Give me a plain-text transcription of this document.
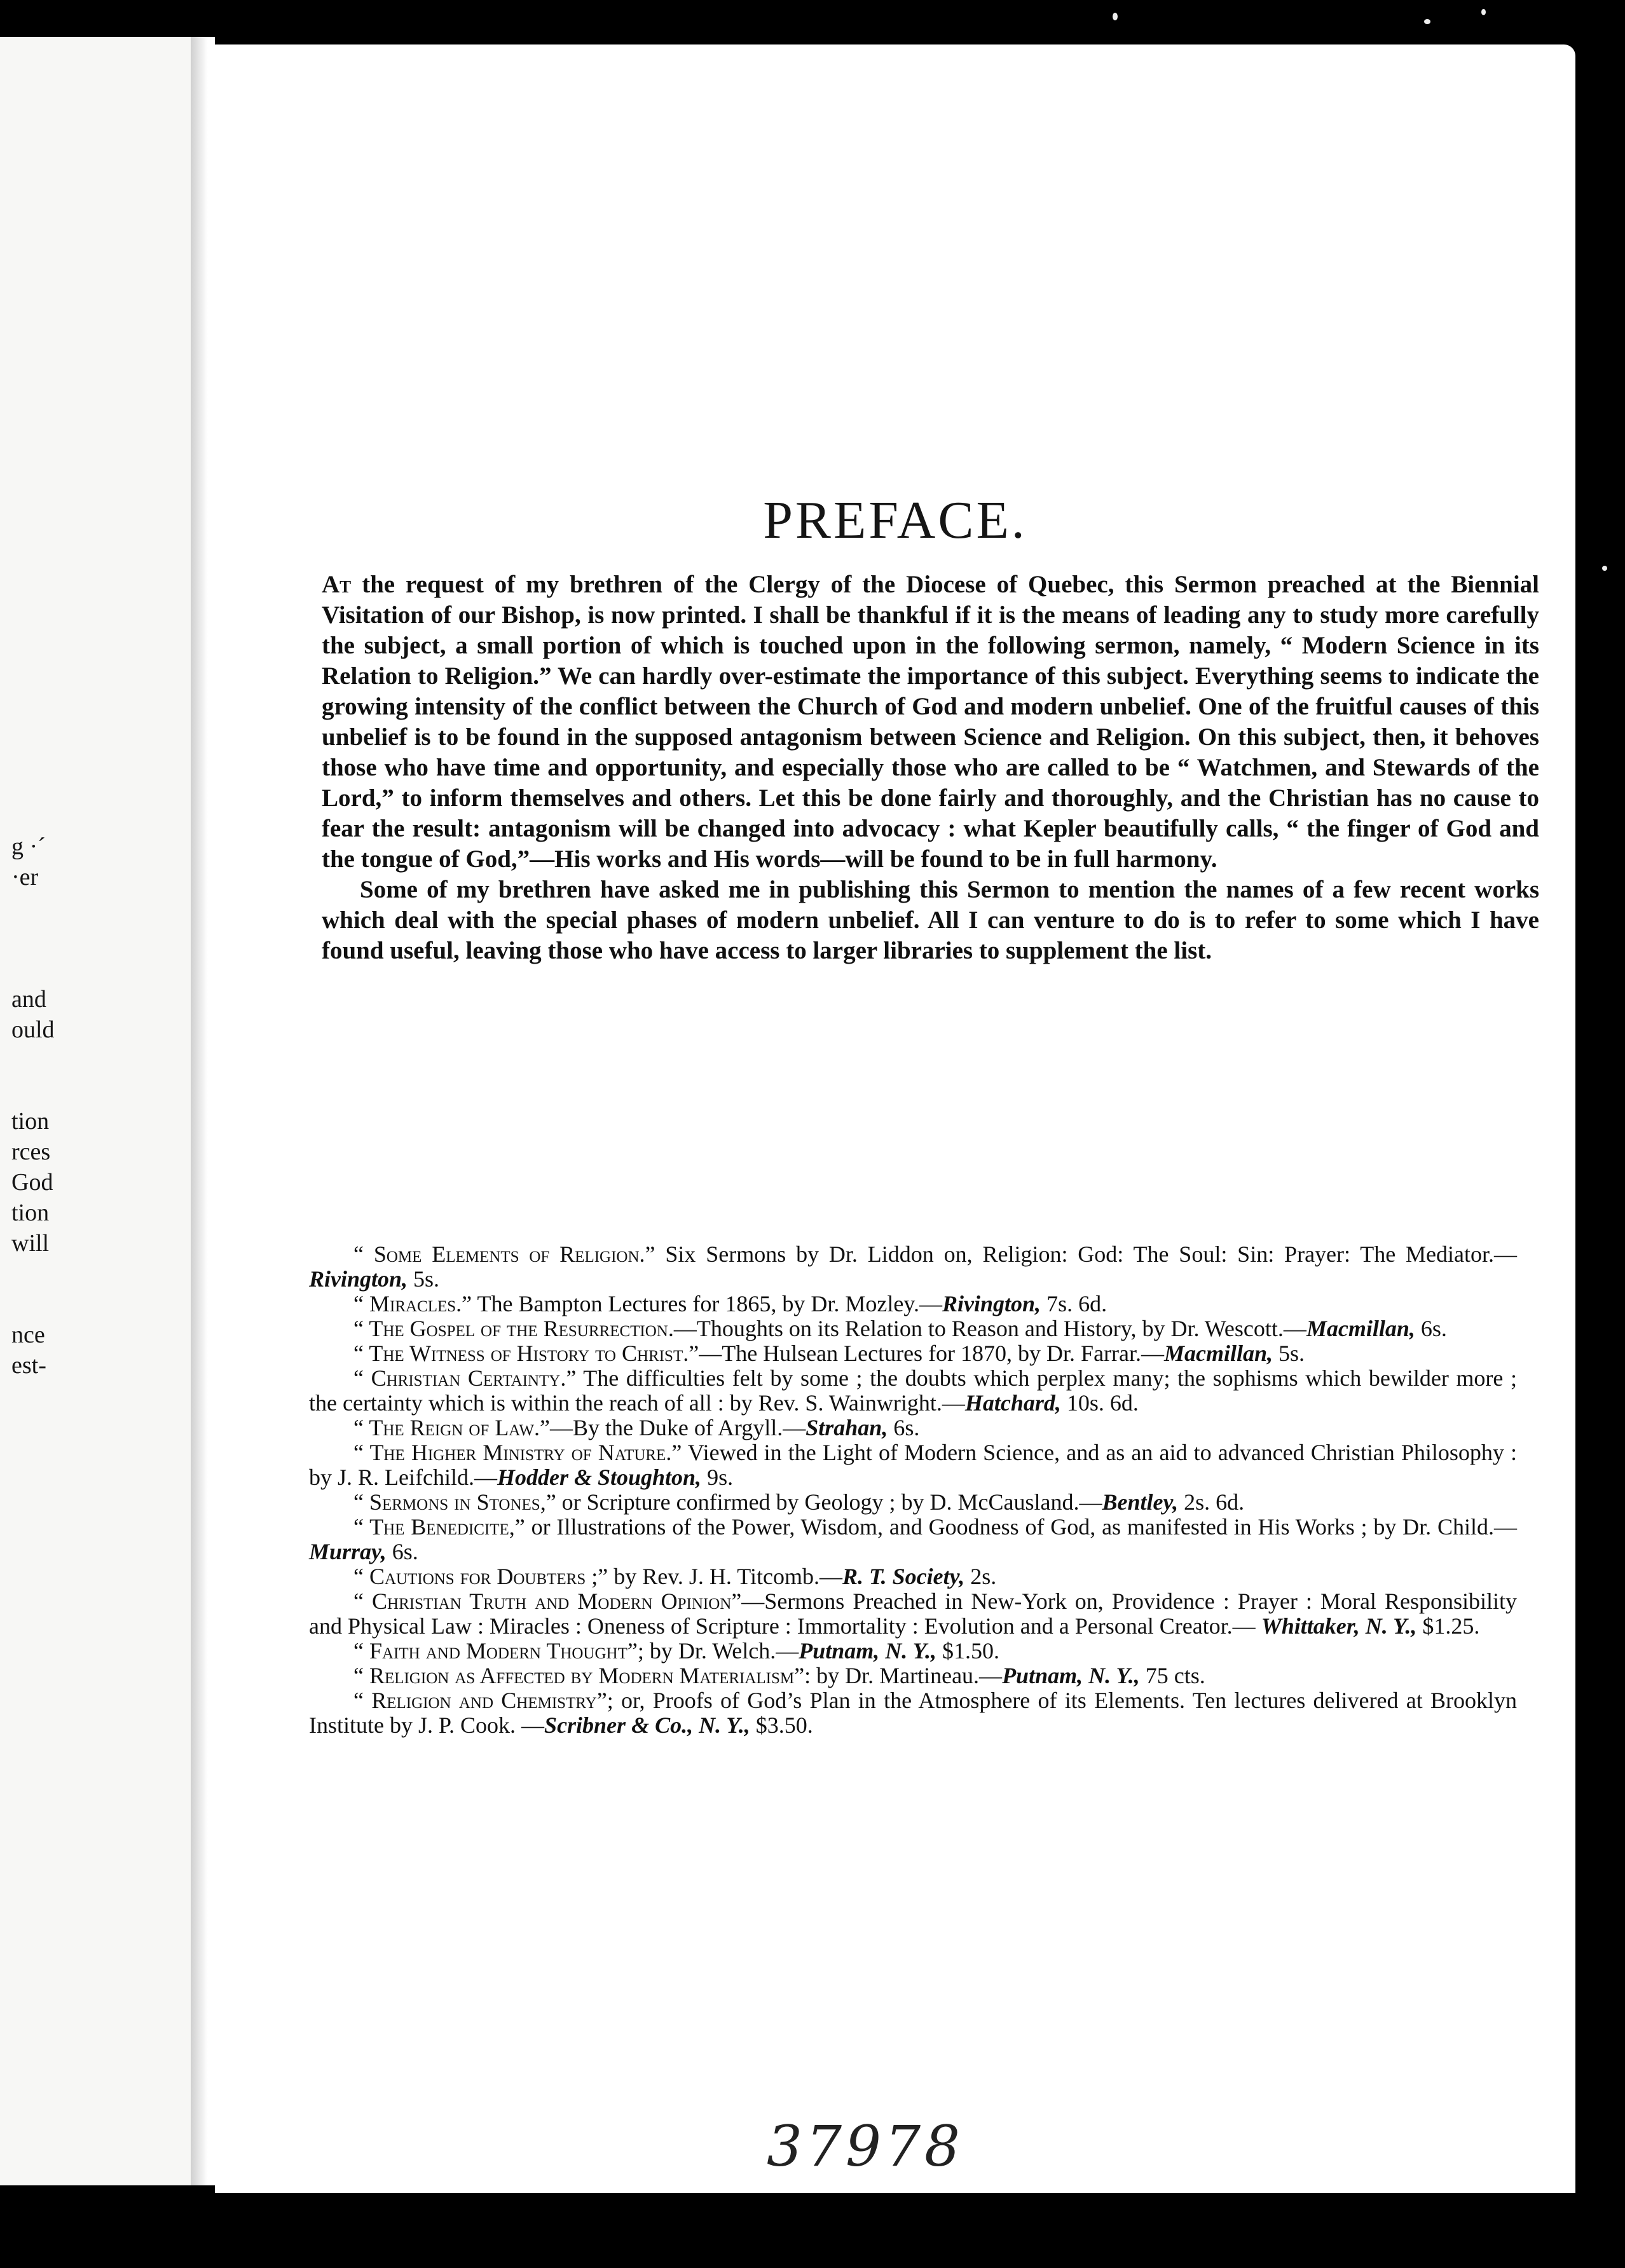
g ·´
·er
and
ould
tion
rces
God
tion
will
nce
est-
PREFACE.

At the request of my brethren of the Clergy of the Diocese of Quebec, this Sermon preached at the Biennial Visitation of our Bishop, is now printed. I shall be thankful if it is the means of leading any to study more carefully the subject, a small portion of which is touched upon in the following sermon, namely, “ Modern Science in its Relation to Religion.” We can hardly over-estimate the importance of this subject. Everything seems to indicate the growing intensity of the conflict between the Church of God and modern unbelief. One of the fruitful causes of this unbelief is to be found in the supposed antagonism between Science and Religion. On this subject, then, it behoves those who have time and opportunity, and especially those who are called to be “ Watchmen, and Stewards of the Lord,” to inform themselves and others. Let this be done fairly and thoroughly, and the Christian has no cause to fear the result: antagonism will be changed into advocacy : what Kepler beautifully calls, “ the finger of God and the tongue of God,”—His works and His words—will be found to be in full harmony.

Some of my brethren have asked me in publishing this Sermon to mention the names of a few recent works which deal with the special phases of modern unbelief. All I can venture to do is to refer to some which I have found useful, leaving those who have access to larger libraries to supplement the list.

“ Some Elements of Religion.” Six Sermons by Dr. Liddon on, Religion: God: The Soul: Sin: Prayer: The Mediator.—Rivington, 5s.

“ Miracles.” The Bampton Lectures for 1865, by Dr. Mozley.—Rivington, 7s. 6d.

“ The Gospel of the Resurrection.—Thoughts on its Relation to Reason and History, by Dr. Wescott.—Macmillan, 6s.

“ The Witness of History to Christ.”—The Hulsean Lectures for 1870, by Dr. Farrar.—Macmillan, 5s.

“ Christian Certainty.” The difficulties felt by some ; the doubts which perplex many; the sophisms which bewilder more ; the certainty which is within the reach of all : by Rev. S. Wainwright.—Hatchard, 10s. 6d.

“ The Reign of Law.”—By the Duke of Argyll.—Strahan, 6s.

“ The Higher Ministry of Nature.” Viewed in the Light of Modern Science, and as an aid to advanced Christian Philosophy : by J. R. Leifchild.—Hodder & Stoughton, 9s.

“ Sermons in Stones,” or Scripture confirmed by Geology ; by D. McCausland.—Bentley, 2s. 6d.

“ The Benedicite,” or Illustrations of the Power, Wisdom, and Goodness of God, as manifested in His Works ; by Dr. Child.—Murray, 6s.

“ Cautions for Doubters ;” by Rev. J. H. Titcomb.—R. T. Society, 2s.

“ Christian Truth and Modern Opinion”—Sermons Preached in New-York on, Providence : Prayer : Moral Responsibility and Physical Law : Miracles : Oneness of Scripture : Immortality : Evolution and a Personal Creator.— Whittaker, N. Y., $1.25.

“ Faith and Modern Thought”; by Dr. Welch.—Putnam, N. Y., $1.50.

“ Religion as Affected by Modern Materialism”: by Dr. Martineau.—Putnam, N. Y., 75 cts.

“ Religion and Chemistry”; or, Proofs of God’s Plan in the Atmosphere of its Elements. Ten lectures delivered at Brooklyn Institute by J. P. Cook. —Scribner & Co., N. Y., $3.50.

37978
